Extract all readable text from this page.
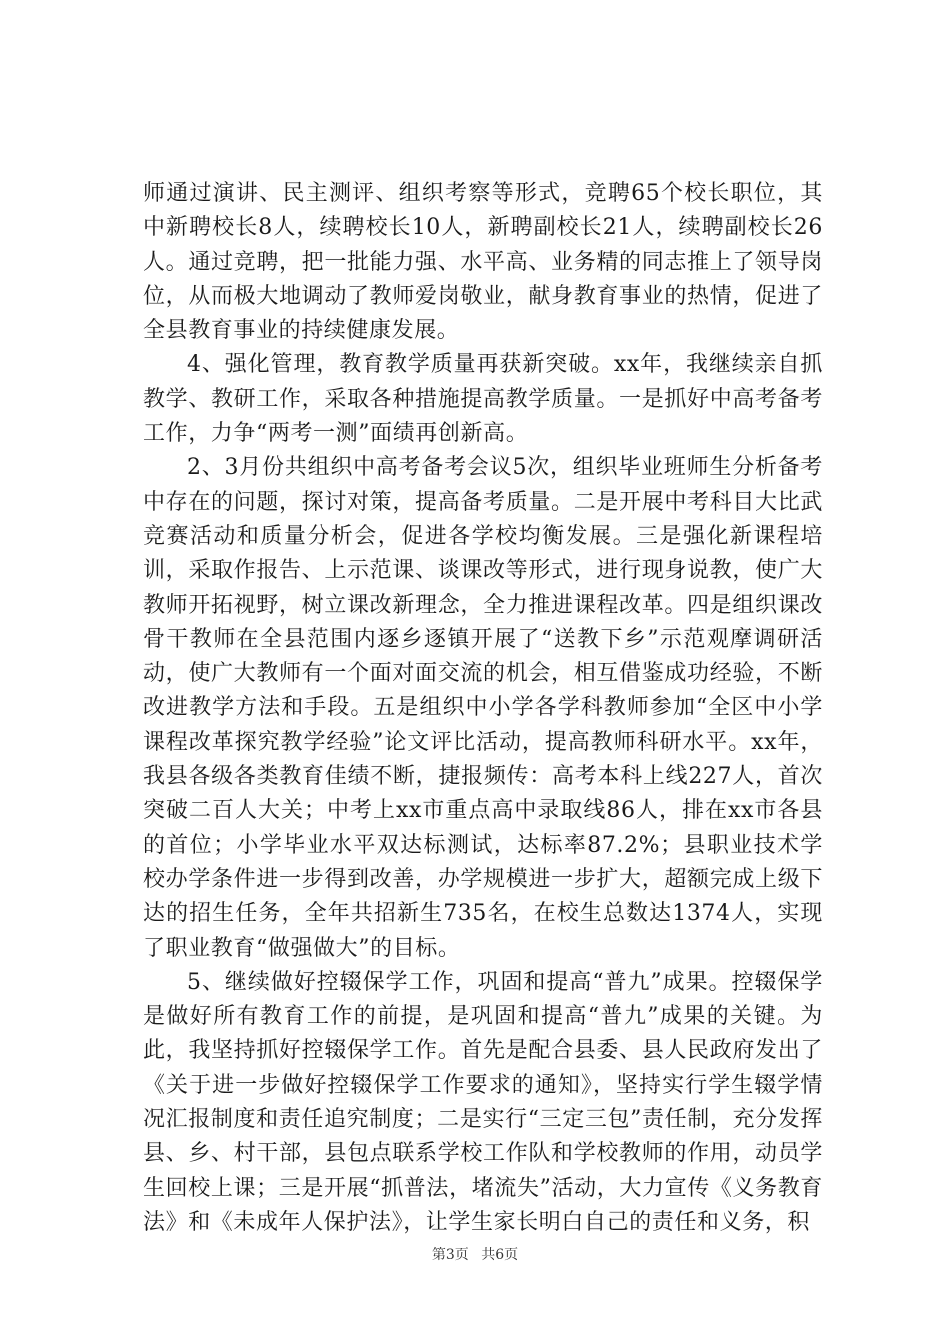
师通过演讲、民主测评、组织考察等形式，竞聘65个校长职位，其中新聘校长8人，续聘校长10人，新聘副校长21人，续聘副校长26人。通过竞聘，把一批能力强、水平高、业务精的同志推上了领导岗位，从而极大地调动了教师爱岗敬业，献身教育事业的热情，促进了全县教育事业的持续健康发展。

4、强化管理，教育教学质量再获新突破。xx年，我继续亲自抓教学、教研工作，采取各种措施提高教学质量。一是抓好中高考备考工作，力争“两考一测”面绩再创新高。

2、3月份共组织中高考备考会议5次，组织毕业班师生分析备考中存在的问题，探讨对策，提高备考质量。二是开展中考科目大比武竞赛活动和质量分析会，促进各学校均衡发展。三是强化新课程培训，采取作报告、上示范课、谈课改等形式，进行现身说教，使广大教师开拓视野，树立课改新理念，全力推进课程改革。四是组织课改骨干教师在全县范围内逐乡逐镇开展了“送教下乡”示范观摩调研活动，使广大教师有一个面对面交流的机会，相互借鉴成功经验，不断改进教学方法和手段。五是组织中小学各学科教师参加“全区中小学课程改革探究教学经验”论文评比活动，提高教师科研水平。xx年，我县各级各类教育佳绩不断，捷报频传：高考本科上线227人，首次突破二百人大关；中考上xx市重点高中录取线86人，排在xx市各县的首位；小学毕业水平双达标测试，达标率87.2%；县职业技术学校办学条件进一步得到改善，办学规模进一步扩大，超额完成上级下达的招生任务，全年共招新生735名，在校生总数达1374人，实现了职业教育“做强做大”的目标。

5、继续做好控辍保学工作，巩固和提高“普九”成果。控辍保学是做好所有教育工作的前提，是巩固和提高“普九”成果的关键。为此，我坚持抓好控辍保学工作。首先是配合县委、县人民政府发出了《关于进一步做好控辍保学工作要求的通知》，坚持实行学生辍学情况汇报制度和责任追究制度；二是实行“三定三包”责任制，充分发挥县、乡、村干部，县包点联系学校工作队和学校教师的作用，动员学生回校上课；三是开展“抓普法，堵流失”活动，大力宣传《义务教育法》和《未成年人保护法》，让学生家长明白自己的责任和义务，积

第3页 共6页
